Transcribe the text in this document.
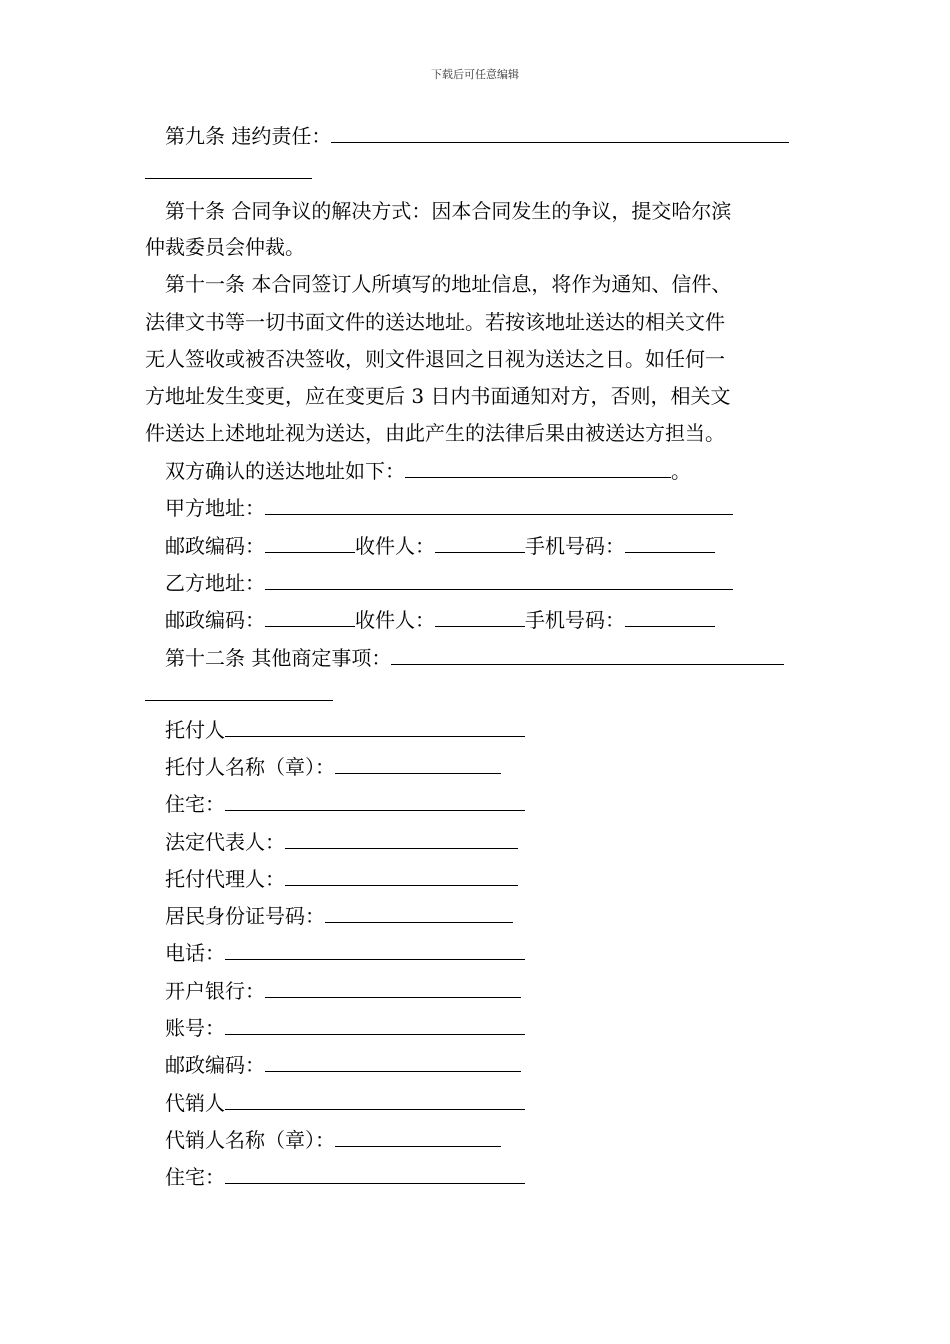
下载后可任意编辑
第九条 违约责任：
第十条 合同争议的解决方式：因本合同发生的争议，提交哈尔滨
仲裁委员会仲裁。
第十一条 本合同签订人所填写的地址信息，将作为通知、信件、
法律文书等一切书面文件的送达地址。若按该地址送达的相关文件
无人签收或被否决签收，则文件退回之日视为送达之日。如任何一
方地址发生变更，应在变更后 3 日内书面通知对方，否则，相关文
件送达上述地址视为送达，由此产生的法律后果由被送达方担当。
双方确认的送达地址如下：	。
甲方地址：
邮政编码：	收件人：	手机号码：
乙方地址：
邮政编码：	收件人：	手机号码：
第十二条 其他商定事项：
托付人
托付人名称（章）：
住宅：
法定代表人：
托付代理人：
居民身份证号码：
电话：
开户银行：
账号：
邮政编码：
代销人
代销人名称（章）：
住宅：
